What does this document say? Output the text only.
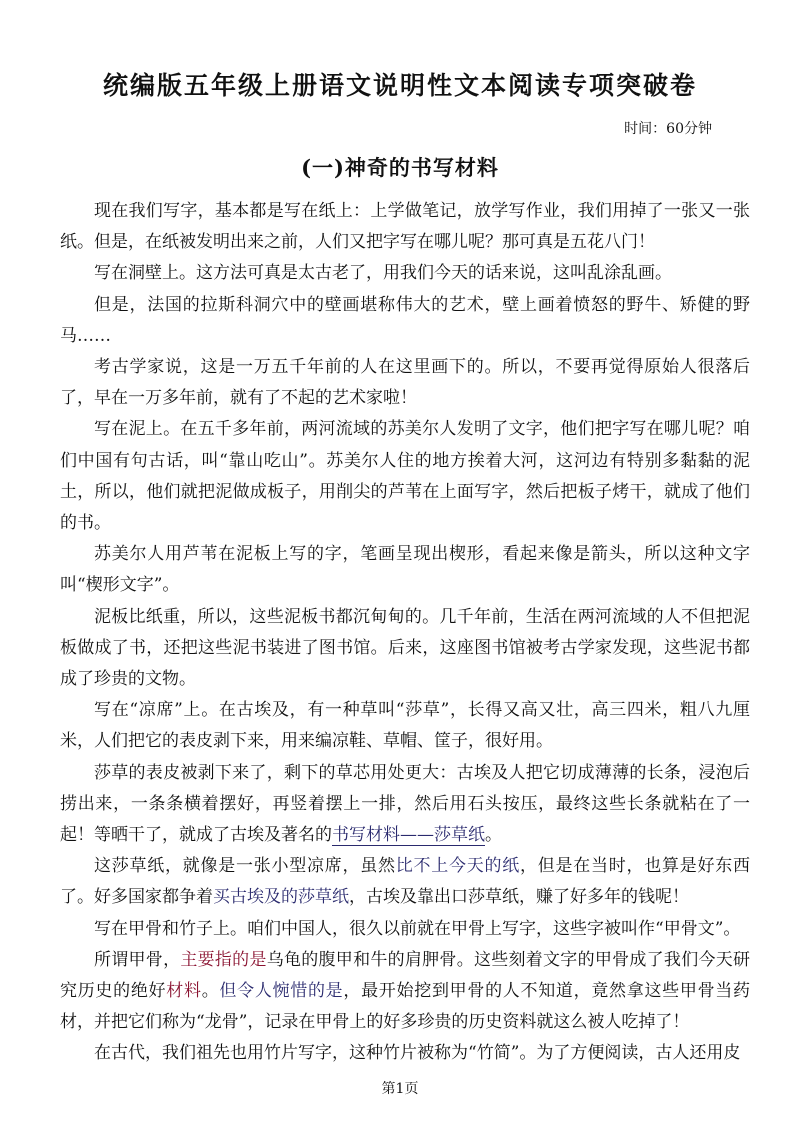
统编版五年级上册语文说明性文本阅读专项突破卷
时间：60分钟
(一)神奇的书写材料

现在我们写字，基本都是写在纸上：上学做笔记，放学写作业，我们用掉了一张又一张纸。但是，在纸被发明出来之前，人们又把字写在哪儿呢？那可真是五花八门！

写在洞壁上。这方法可真是太古老了，用我们今天的话来说，这叫乱涂乱画。

但是，法国的拉斯科洞穴中的壁画堪称伟大的艺术，壁上画着愤怒的野牛、矫健的野马……

考古学家说，这是一万五千年前的人在这里画下的。所以，不要再觉得原始人很落后了，早在一万多年前，就有了不起的艺术家啦！

写在泥上。在五千多年前，两河流域的苏美尔人发明了文字，他们把字写在哪儿呢？咱们中国有句古话，叫“靠山吃山”。苏美尔人住的地方挨着大河，这河边有特别多黏黏的泥土，所以，他们就把泥做成板子，用削尖的芦苇在上面写字，然后把板子烤干，就成了他们的书。

苏美尔人用芦苇在泥板上写的字，笔画呈现出楔形，看起来像是箭头，所以这种文字叫“楔形文字”。

泥板比纸重，所以，这些泥板书都沉甸甸的。几千年前，生活在两河流域的人不但把泥板做成了书，还把这些泥书装进了图书馆。后来，这座图书馆被考古学家发现，这些泥书都成了珍贵的文物。

写在“凉席”上。在古埃及，有一种草叫“莎草”，长得又高又壮，高三四米，粗八九厘米，人们把它的表皮剥下来，用来编凉鞋、草帽、筐子，很好用。

莎草的表皮被剥下来了，剩下的草芯用处更大：古埃及人把它切成薄薄的长条，浸泡后捞出来，一条条横着摆好，再竖着摆上一排，然后用石头按压，最终这些长条就粘在了一起！等晒干了，就成了古埃及著名的书写材料——莎草纸。

这莎草纸，就像是一张小型凉席，虽然比不上今天的纸，但是在当时，也算是好东西了。好多国家都争着买古埃及的莎草纸，古埃及靠出口莎草纸，赚了好多年的钱呢！

写在甲骨和竹子上。咱们中国人，很久以前就在甲骨上写字，这些字被叫作“甲骨文”。

所谓甲骨，主要指的是乌龟的腹甲和牛的肩胛骨。这些刻着文字的甲骨成了我们今天研究历史的绝好材料。但令人惋惜的是，最开始挖到甲骨的人不知道，竟然拿这些甲骨当药材，并把它们称为“龙骨”，记录在甲骨上的好多珍贵的历史资料就这么被人吃掉了！

在古代，我们祖先也用竹片写字，这种竹片被称为“竹简”。为了方便阅读，古人还用皮

第1页
